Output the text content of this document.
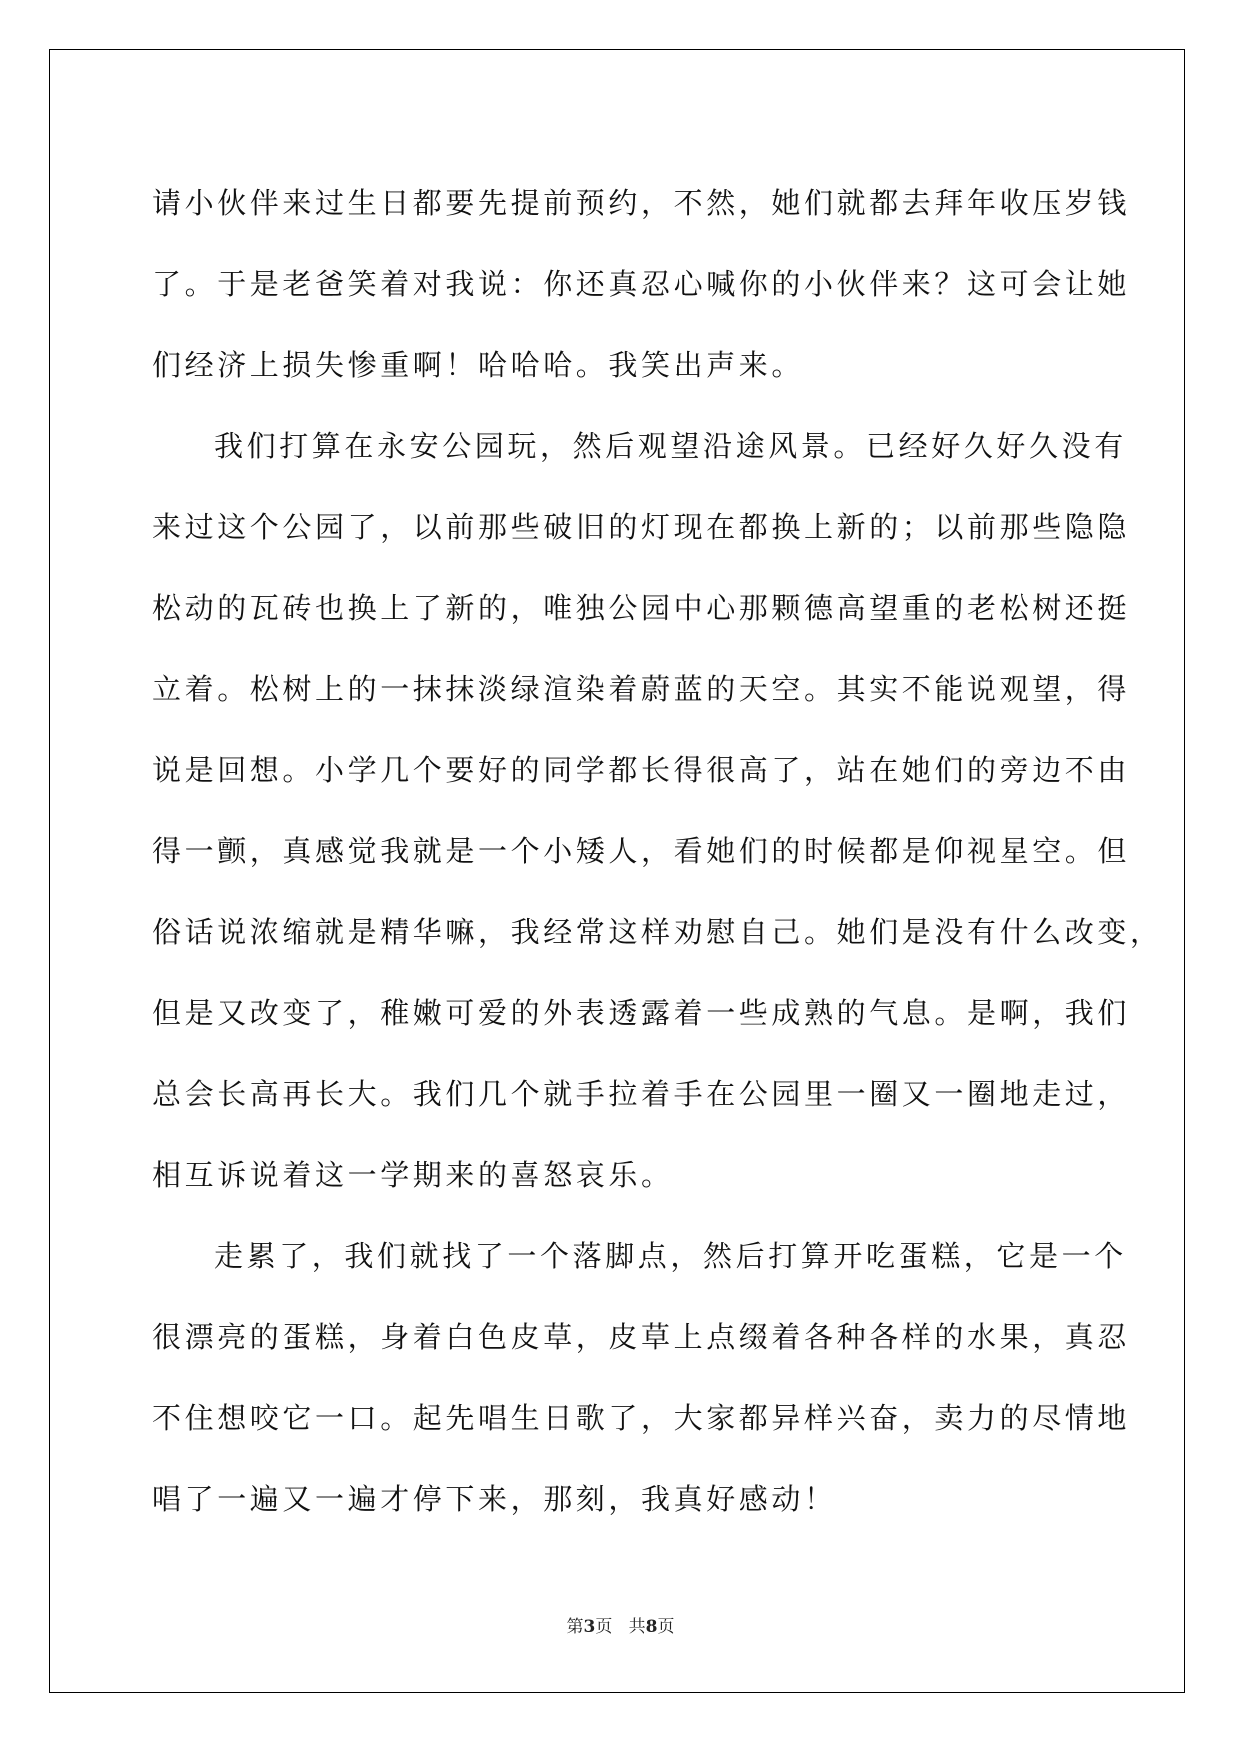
请小伙伴来过生日都要先提前预约，不然，她们就都去拜年收压岁钱
了。于是老爸笑着对我说：你还真忍心喊你的小伙伴来？这可会让她
们经济上损失惨重啊！哈哈哈。我笑出声来。
我们打算在永安公园玩，然后观望沿途风景。已经好久好久没有
来过这个公园了，以前那些破旧的灯现在都换上新的；以前那些隐隐
松动的瓦砖也换上了新的，唯独公园中心那颗德高望重的老松树还挺
立着。松树上的一抹抹淡绿渲染着蔚蓝的天空。其实不能说观望，得
说是回想。小学几个要好的同学都长得很高了，站在她们的旁边不由
得一颤，真感觉我就是一个小矮人，看她们的时候都是仰视星空。但
俗话说浓缩就是精华嘛，我经常这样劝慰自己。她们是没有什么改变，
但是又改变了，稚嫩可爱的外表透露着一些成熟的气息。是啊，我们
总会长高再长大。我们几个就手拉着手在公园里一圈又一圈地走过，
相互诉说着这一学期来的喜怒哀乐。
走累了，我们就找了一个落脚点，然后打算开吃蛋糕，它是一个
很漂亮的蛋糕，身着白色皮草，皮草上点缀着各种各样的水果，真忍
不住想咬它一口。起先唱生日歌了，大家都异样兴奋，卖力的尽情地
唱了一遍又一遍才停下来，那刻，我真好感动！
第3页 共8页
